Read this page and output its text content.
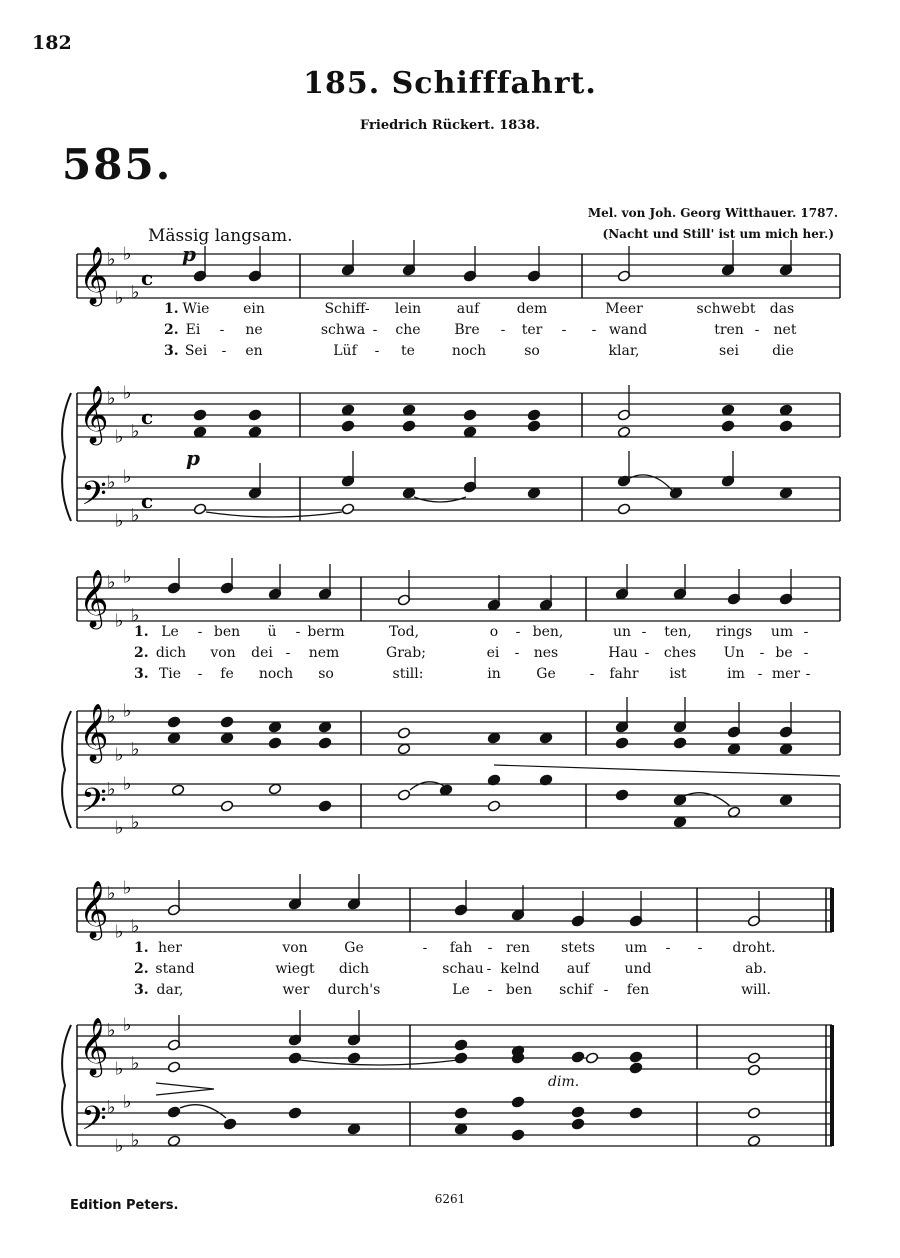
182
185. Schifffahrt.
Friedrich Rückert. 1838.
585.
Mel. von Joh. Georg Witthauer. 1787.
(Nacht und Still' ist um mich her.)
Mässig langsam.
p
p
dim.
𝄞
♭
♭
♭
♭
c
𝄞
♭
♭
♭
♭
c
𝄢 ♭
♭
♭
♭
c
𝄞
♭
♭
♭
♭
𝄞
♭
♭
♭
♭
𝄢 ♭
♭
♭
♭
𝄞
♭
♭
♭
♭
𝄞
♭
♭
♭
♭
𝄢 ♭
♭
♭
♭
1.
2.
3.
Wie ein	Schiff- lein	auf	dem	Meer	schwebt das
Ei - ne	schwa - che Bre - ter - - wand	tren - net
Sei - en	Lüf - te	noch	so	klar,	sei die
1.
2.
3.
Le - ben ü - berm	Tod,	o - ben,	un - ten, rings um -
dich von dei - nem	Grab;	ei - nes	Hau - ches Un - be -
Tie - fe noch so	still:	in	Ge - fahr ist	im - mer -
1.
2.
3.
her	von	Ge	- fah - ren stets um - - droht.
stand	wiegt dich	schau - kelnd auf	und	ab.
dar,	wer durch's	Le - ben schif - fen	will.
Edition Peters.	6261
